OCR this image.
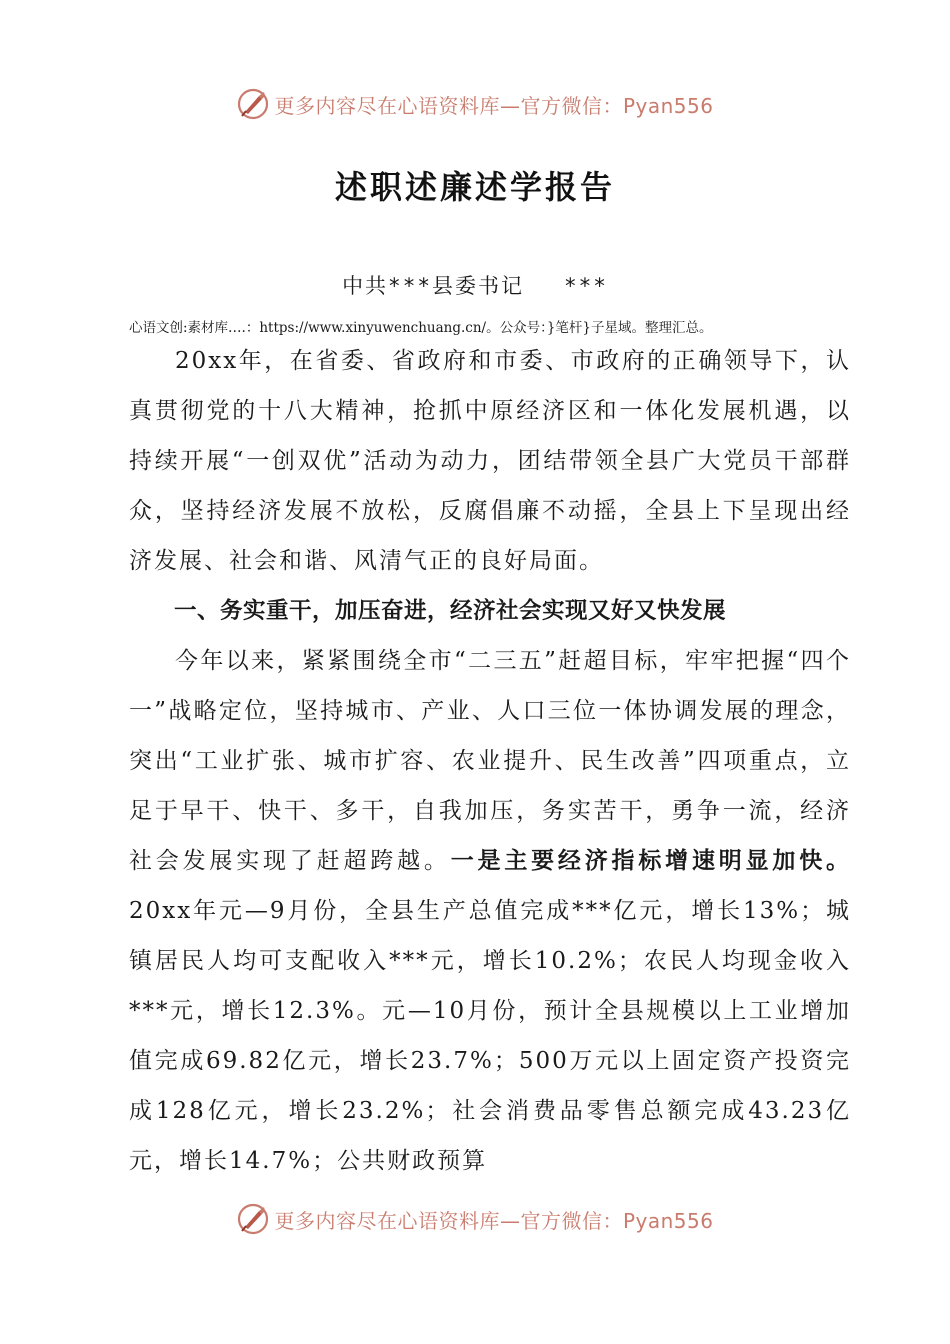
更多内容尽在心语资料库—官方微信：Pyan556
述职述廉述学报告
中共***县委书记 ***
心语文创:素材库….：https://www.xinyuwenchuang.cn/。公众号：}笔杆}子星域。整理汇总。

20xx年，在省委、省政府和市委、市政府的正确领导下，认真贯彻党的十八大精神，抢抓中原经济区和一体化发展机遇，以持续开展“一创双优”活动为动力，团结带领全县广大党员干部群众，坚持经济发展不放松，反腐倡廉不动摇，全县上下呈现出经济发展、社会和谐、风清气正的良好局面。

一、务实重干，加压奋进，经济社会实现又好又快发展

今年以来，紧紧围绕全市“二三五”赶超目标，牢牢把握“四个一”战略定位，坚持城市、产业、人口三位一体协调发展的理念，突出“工业扩张、城市扩容、农业提升、民生改善”四项重点，立足于早干、快干、多干，自我加压，务实苦干，勇争一流，经济社会发展实现了赶超跨越。一是主要经济指标增速明显加快。20xx年元—9月份，全县生产总值完成***亿元，增长13%；城镇居民人均可支配收入***元，增长10.2%；农民人均现金收入***元，增长12.3%。元—10月份，预计全县规模以上工业增加值完成69.82亿元，增长23.7%；500万元以上固定资产投资完成128亿元，增长23.2%；社会消费品零售总额完成43.23亿元，增长14.7%；公共财政预算

更多内容尽在心语资料库—官方微信：Pyan556
